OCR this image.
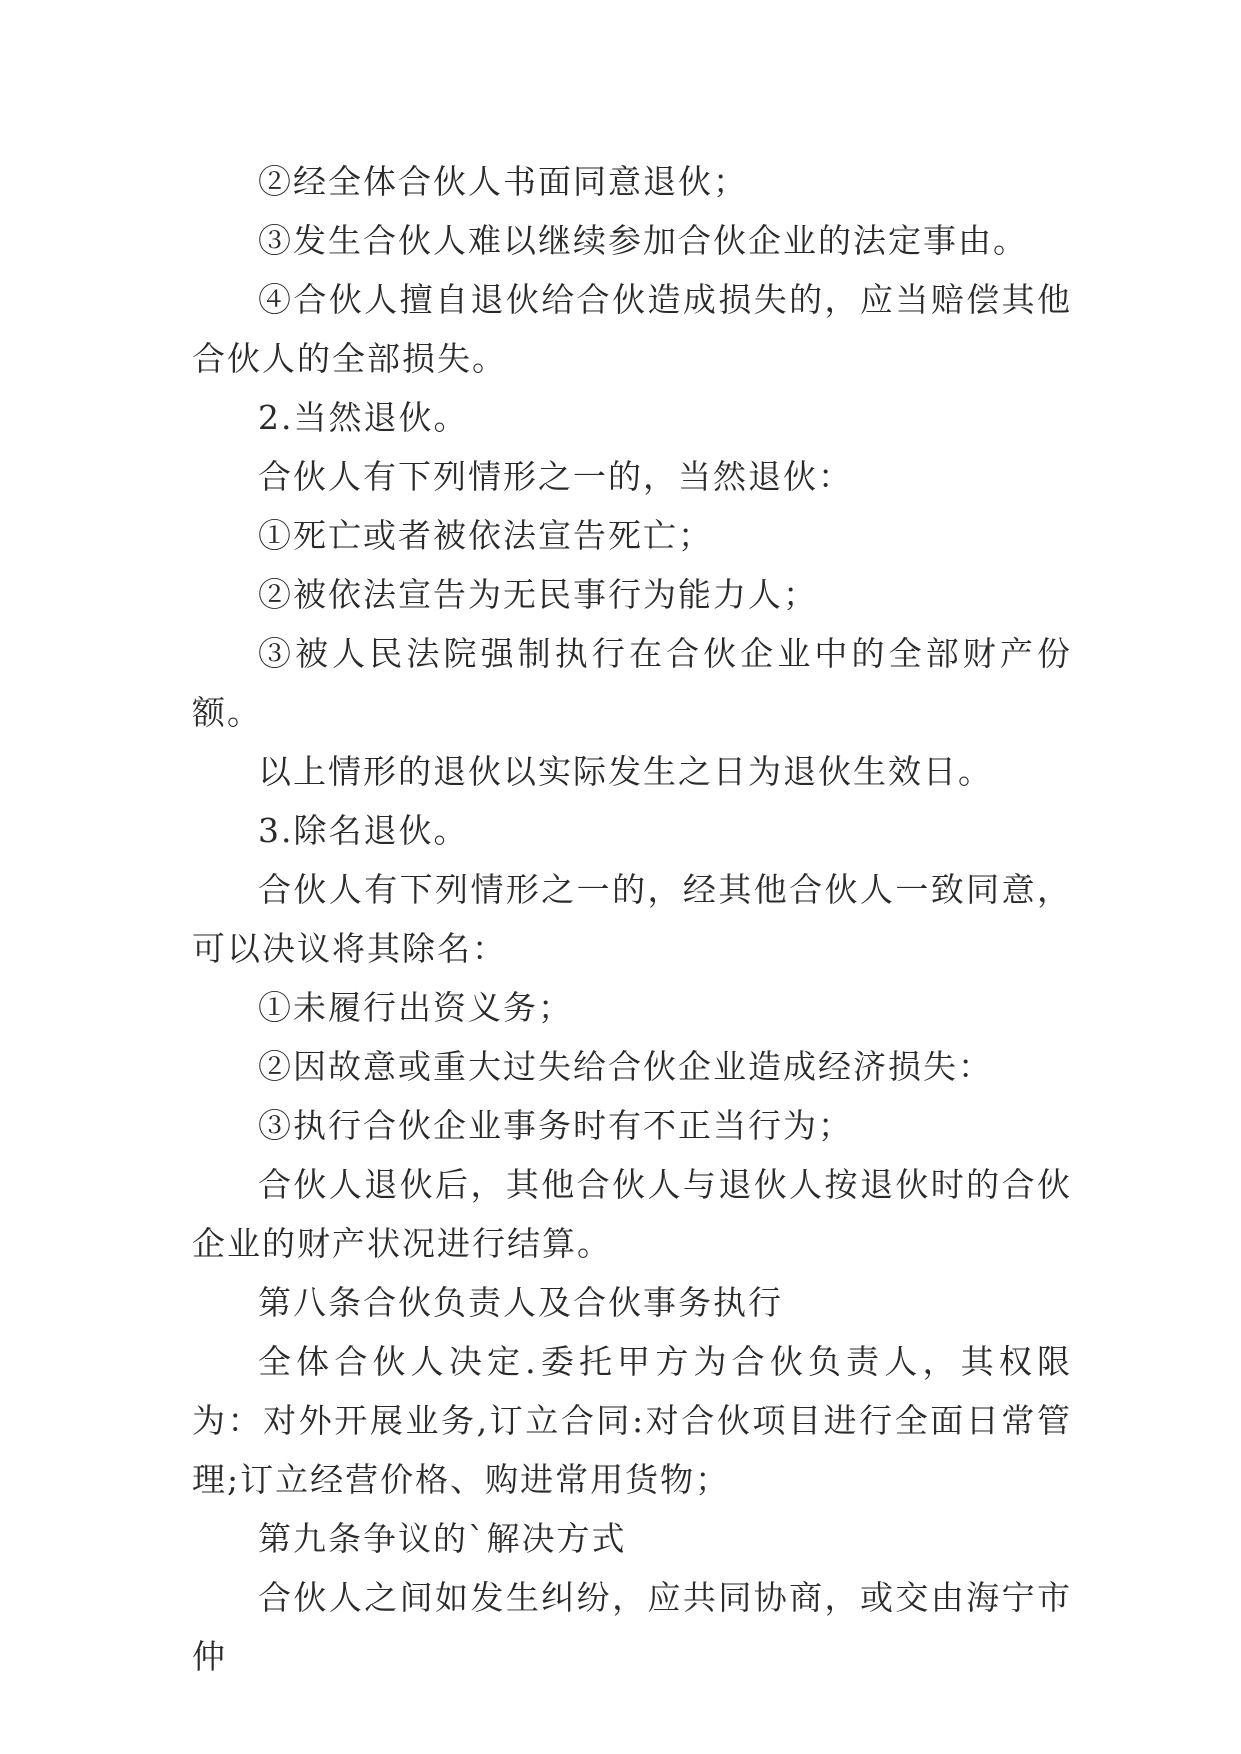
②经全体合伙人书面同意退伙；

③发生合伙人难以继续参加合伙企业的法定事由。

④合伙人擅自退伙给合伙造成损失的，应当赔偿其他合伙人的全部损失。

2.当然退伙。

合伙人有下列情形之一的，当然退伙：

①死亡或者被依法宣告死亡；

②被依法宣告为无民事行为能力人；

③被人民法院强制执行在合伙企业中的全部财产份额。

以上情形的退伙以实际发生之日为退伙生效日。

3.除名退伙。

合伙人有下列情形之一的，经其他合伙人一致同意，可以决议将其除名：

①未履行出资义务；

②因故意或重大过失给合伙企业造成经济损失：

③执行合伙企业事务时有不正当行为；

合伙人退伙后，其他合伙人与退伙人按退伙时的合伙企业的财产状况进行结算。

第八条合伙负责人及合伙事务执行

全体合伙人决定.委托甲方为合伙负责人，其权限为：对外开展业务,订立合同:对合伙项目进行全面日常管理;订立经营价格、购进常用货物；

第九条争议的`解决方式

合伙人之间如发生纠纷，应共同协商，或交由海宁市仲
